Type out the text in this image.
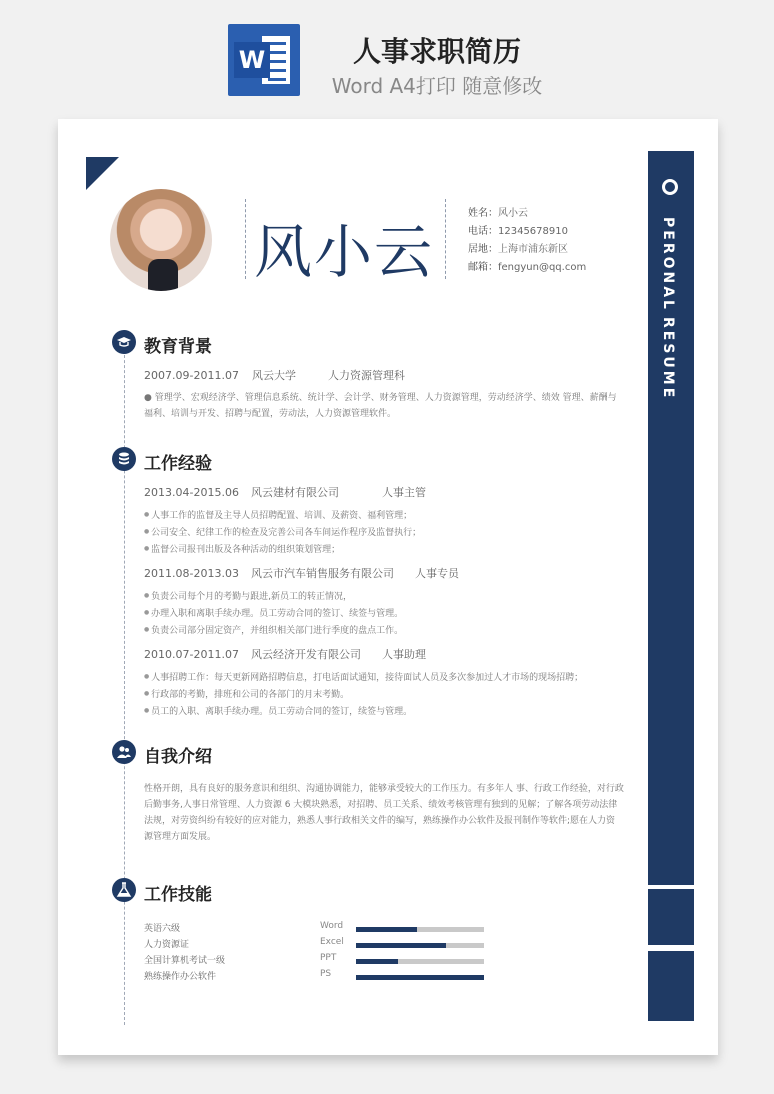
W	人事求职简历
Word A4打印 随意修改
风小云
姓名：风小云
电话：12345678910
居地：上海市浦东新区
邮箱：fengyun@qq.com	PERONAL
RESUME
教育背景
2007.09-2011.07 风云大学	人力资源管理科
● 管理学、宏观经济学、管理信息系统、统计学、会计学、财务管理、人力资源管理，劳动经济学、绩效 管理、薪酬与福利、培训与开发、招聘与配置，劳动法，人力资源管理软件。
工作经验
2013.04-2015.06 风云建材有限公司	人事主管
● 人事工作的监督及主导人员招聘配置、培训、及薪资、福利管理；
● 公司安全、纪律工作的检查及完善公司各车间运作程序及监督执行；
● 监督公司报刊出版及各种活动的组织策划管理；
2011.08-2013.03 风云市汽车销售服务有限公司 人事专员
● 负责公司每个月的考勤与跟进,新员工的转正情况，
● 办理入职和离职手续办理。员工劳动合同的签订、续签与管理。
● 负责公司部分固定资产，并组织相关部门进行季度的盘点工作。
2010.07-2011.07 风云经济开发有限公司 人事助理
● 人事招聘工作：每天更新网路招聘信息，打电话面试通知，接待面试人员及多次参加过人才市场的现场招聘；
● 行政部的考勤，排班和公司的各部门的月末考勤。
● 员工的入职、离职手续办理。员工劳动合同的签订，续签与管理。
自我介绍
性格开朗，具有良好的服务意识和组织、沟通协调能力，能够承受较大的工作压力。有多年人 事、行政工作经验，对行政后勤事务,人事日常管理、人力资源 6 大模块熟悉，对招聘、员工关系、绩效考核管理有独到的见解；了解各项劳动法律法规，对劳资纠纷有较好的应对能力，熟悉人事行政相关文件的编写，熟练操作办公软件及报刊制作等软件;愿在人力资源管理方面发展。
工作技能
英语六级
人力资源证
全国计算机考试一级
熟练操作办公软件
Word
Excel
PPT
PS
